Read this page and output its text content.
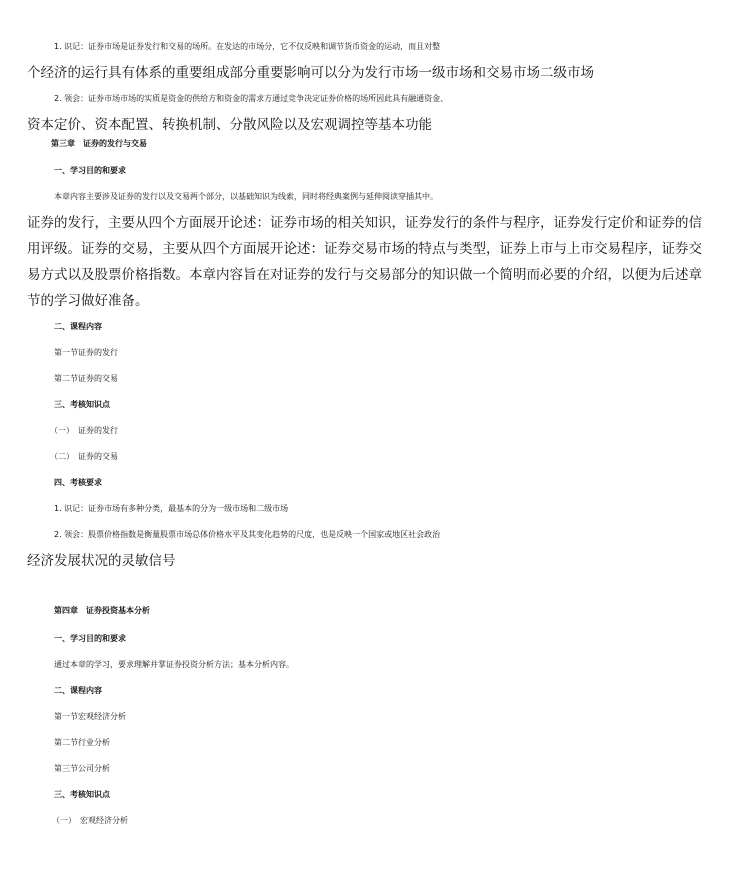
1. 识记：证券市场是证券发行和交易的场所。在发达的市场分，它不仅反映和调节货币资金的运动，而且对整
个经济的运行具有体系的重要组成部分重要影响可以分为发行市场一级市场和交易市场二级市场
2. 领会：证券市场市场的实质是资金的供给方和资金的需求方通过竞争决定证券价格的场所因此具有融通资金、
资本定价、资本配置、转换机制、分散风险以及宏观调控等基本功能
第三章　证券的发行与交易
一、学习目的和要求
本章内容主要涉及证券的发行以及交易两个部分，以基础知识为线索，同时将经典案例与延伸阅读穿插其中。
证券的发行，主要从四个方面展开论述：证券市场的相关知识，证券发行的条件与程序，证券发行定价和证券的信
用评级。证券的交易，主要从四个方面展开论述：证券交易市场的特点与类型，证券上市与上市交易程序，证券交
易方式以及股票价格指数。本章内容旨在对证券的发行与交易部分的知识做一个简明而必要的介绍，以便为后述章
节的学习做好准备。
二、课程内容
第一节证券的发行
第二节证券的交易
三、考核知识点
（一）　证券的发行
（二）　证券的交易
四、考核要求
1. 识记：证券市场有多种分类，最基本的分为一级市场和二级市场
2. 领会：股票价格指数是衡量股票市场总体价格水平及其变化趋势的尺度，也是反映一个国家或地区社会政治
经济发展状况的灵敏信号
第四章　证券投资基本分析
一、学习目的和要求
通过本章的学习，要求理解并掌证券投资分析方法；基本分析内容。
二、课程内容
第一节宏观经济分析
第二节行业分析
第三节公司分析
三、考核知识点
（一）　宏观经济分析
